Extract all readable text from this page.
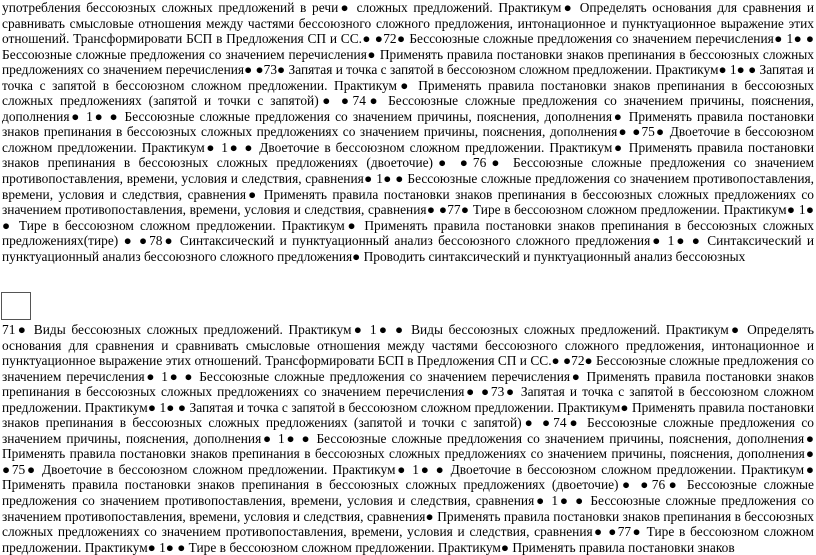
употребления бессоюзных сложных предложений в речи● сложных предложений. Практикум● Определять основания для сравнения и сравнивать смысловые отношения между частями бессоюзного сложного предложения, интонационное и пунктуационное выражение этих отношений. Трансформировати БСП в Предложения СП и СС.● ●72● Бессоюзные сложные предложения со значением перечисления● 1● ● Бессоюзные сложные предложения со значением перечисления● Применять правила постановки знаков препинания в бессоюзных сложных предложениях со значением перечисления● ●73● Запятая и точка с запятой в бессоюзном сложном предложении. Практикум● 1● ● Запятая и точка с запятой в бессоюзном сложном предложении. Практикум● Применять правила постановки знаков препинания в бессоюзных сложных предложениях (запятой и точки с запятой)● ●74● Бессоюзные сложные предложения со значением причины, пояснения, дополнения● 1● ● Бессоюзные сложные предложения со значением причины, пояснения, дополнения● Применять правила постановки знаков препинания в бессоюзных сложных предложениях со значением причины, пояснения, дополнения● ●75● Двоеточие в бессоюзном сложном предложении. Практикум● 1● ● Двоеточие в бессоюзном сложном предложении. Практикум● Применять правила постановки знаков препинания в бессоюзных сложных предложениях (двоеточие)● ●76● Бессоюзные сложные предложения со значением противопоставления, времени, условия и следствия, сравнения● 1● ● Бессоюзные сложные предложения со значением противопоставления, времени, условия и следствия, сравнения● Применять правила постановки знаков препинания в бессоюзных сложных предложениях со значением противопоставления, времени, условия и следствия, сравнения● ●77● Тире в бессоюзном сложном предложении. Практикум● 1● ● Тире в бессоюзном сложном предложении. Практикум● Применять правила постановки знаков препинания в бессоюзных сложных предложениях(тире) ● ●78● Синтаксический и пунктуационный анализ бессоюзного сложного предложения● 1● ● Синтаксический и пунктуационный анализ бессоюзного сложного предложения● Проводить синтаксический и пунктуационный анализ бессоюзных

71● Виды бессоюзных сложных предложений. Практикум● 1● ● Виды бессоюзных сложных предложений. Практикум● Определять основания для сравнения и сравнивать смысловые отношения между частями бессоюзного сложного предложения, интонационное и пунктуационное выражение этих отношений. Трансформировати БСП в Предложения СП и СС.● ●72● Бессоюзные сложные предложения со значением перечисления● 1● ● Бессоюзные сложные предложения со значением перечисления● Применять правила постановки знаков препинания в бессоюзных сложных предложениях со значением перечисления● ●73● Запятая и точка с запятой в бессоюзном сложном предложении. Практикум● 1● ● Запятая и точка с запятой в бессоюзном сложном предложении. Практикум● Применять правила постановки знаков препинания в бессоюзных сложных предложениях (запятой и точки с запятой)● ●74● Бессоюзные сложные предложения со значением причины, пояснения, дополнения● 1● ● Бессоюзные сложные предложения со значением причины, пояснения, дополнения● Применять правила постановки знаков препинания в бессоюзных сложных предложениях со значением причины, пояснения, дополнения● ●75● Двоеточие в бессоюзном сложном предложении. Практикум● 1● ● Двоеточие в бессоюзном сложном предложении. Практикум● Применять правила постановки знаков препинания в бессоюзных сложных предложениях (двоеточие)● ●76● Бессоюзные сложные предложения со значением противопоставления, времени, условия и следствия, сравнения● 1● ● Бессоюзные сложные предложения со значением противопоставления, времени, условия и следствия, сравнения● Применять правила постановки знаков препинания в бессоюзных сложных предложениях со значением противопоставления, времени, условия и следствия, сравнения● ●77● Тире в бессоюзном сложном предложении. Практикум● 1● ● Тире в бессоюзном сложном предложении. Практикум● Применять правила постановки знаков
